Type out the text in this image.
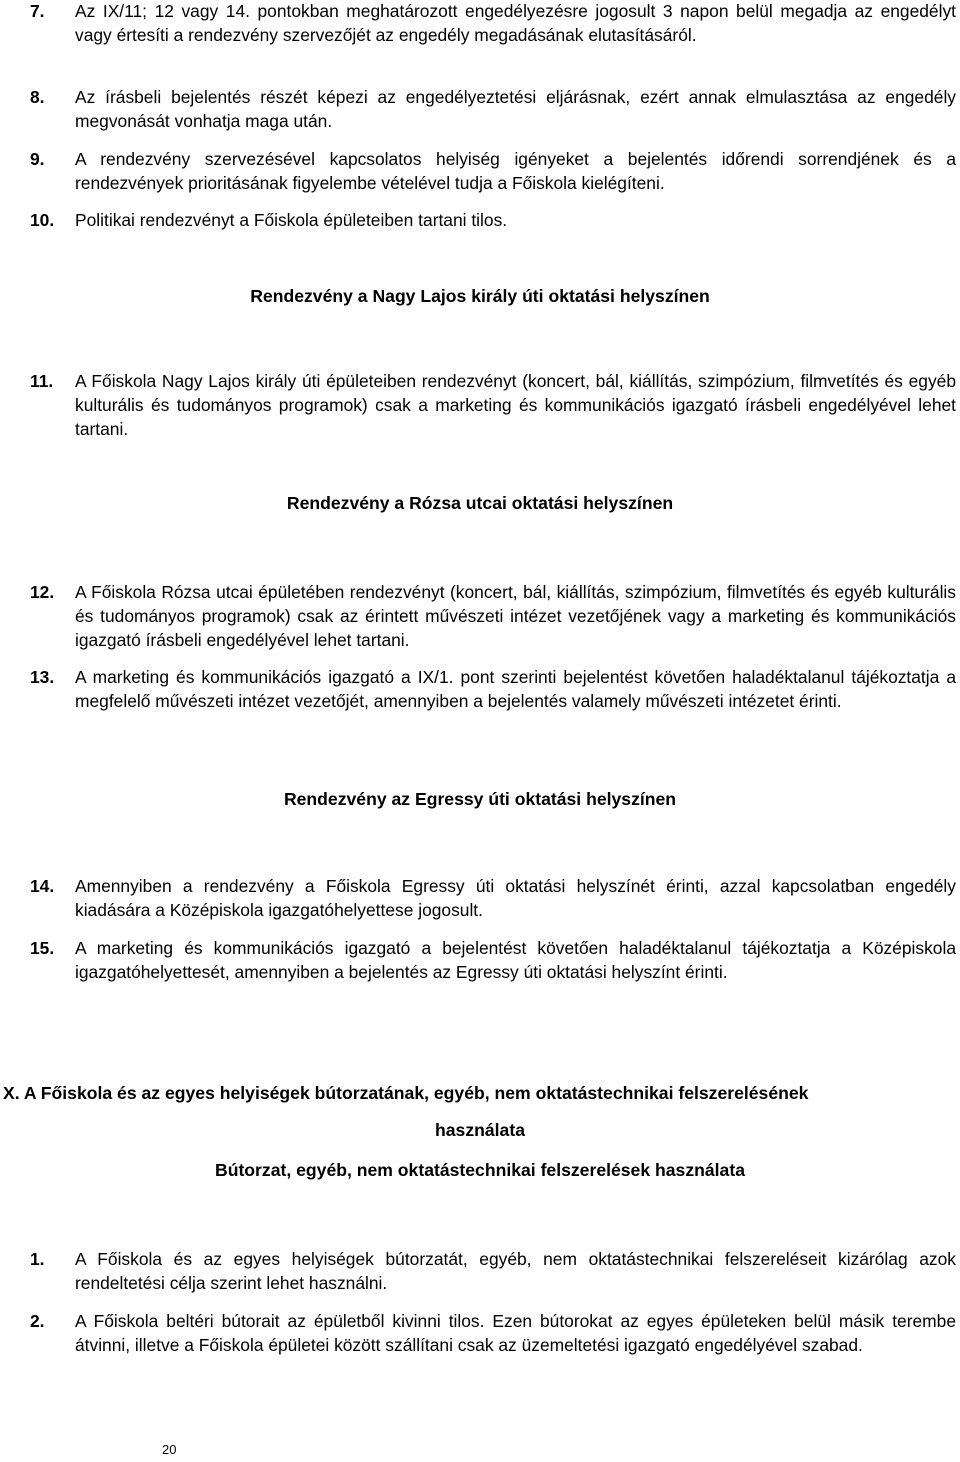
7. Az IX/11; 12 vagy 14. pontokban meghatározott engedélyezésre jogosult 3 napon belül megadja az engedélyt vagy értesíti a rendezvény szervezőjét az engedély megadásának elutasításáról.
8. Az írásbeli bejelentés részét képezi az engedélyeztetési eljárásnak, ezért annak elmulasztása az engedély megvonását vonhatja maga után.
9. A rendezvény szervezésével kapcsolatos helyiség igényeket a bejelentés időrendi sorrendjének és a rendezvények prioritásának figyelembe vételével tudja a Főiskola kielégíteni.
10. Politikai rendezvényt a Főiskola épületeiben tartani tilos.
Rendezvény a Nagy Lajos király úti oktatási helyszínen
11. A Főiskola Nagy Lajos király úti épületeiben rendezvényt (koncert, bál, kiállítás, szimpózium, filmvetítés és egyéb kulturális és tudományos programok) csak a marketing és kommunikációs igazgató írásbeli engedélyével lehet tartani.
Rendezvény a Rózsa utcai oktatási helyszínen
12. A Főiskola Rózsa utcai épületében rendezvényt (koncert, bál, kiállítás, szimpózium, filmvetítés és egyéb kulturális és tudományos programok) csak az érintett művészeti intézet vezetőjének vagy a marketing és kommunikációs igazgató írásbeli engedélyével lehet tartani.
13. A marketing és kommunikációs igazgató a IX/1. pont szerinti bejelentést követően haladéktalanul tájékoztatja a megfelelő művészeti intézet vezetőjét, amennyiben a bejelentés valamely művészeti intézetet érinti.
Rendezvény az Egressy úti oktatási helyszínen
14. Amennyiben a rendezvény a Főiskola Egressy úti oktatási helyszínét érinti, azzal kapcsolatban engedély kiadására a Középiskola igazgatóhelyettese jogosult.
15. A marketing és kommunikációs igazgató a bejelentést követően haladéktalanul tájékoztatja a Középiskola igazgatóhelyettesét, amennyiben a bejelentés az Egressy úti oktatási helyszínt érinti.
X. A Főiskola és az egyes helyiségek bútorzatának, egyéb, nem oktatástechnikai felszerelésének
használata
Bútorzat, egyéb, nem oktatástechnikai felszerelések használata
1. A Főiskola és az egyes helyiségek bútorzatát, egyéb, nem oktatástechnikai felszereléseit kizárólag azok rendeltetési célja szerint lehet használni.
2. A Főiskola beltéri bútorait az épületből kivinni tilos. Ezen bútorokat az egyes épületeken belül másik terembe átvinni, illetve a Főiskola épületei között szállítani csak az üzemeltetési igazgató engedélyével szabad.
20
